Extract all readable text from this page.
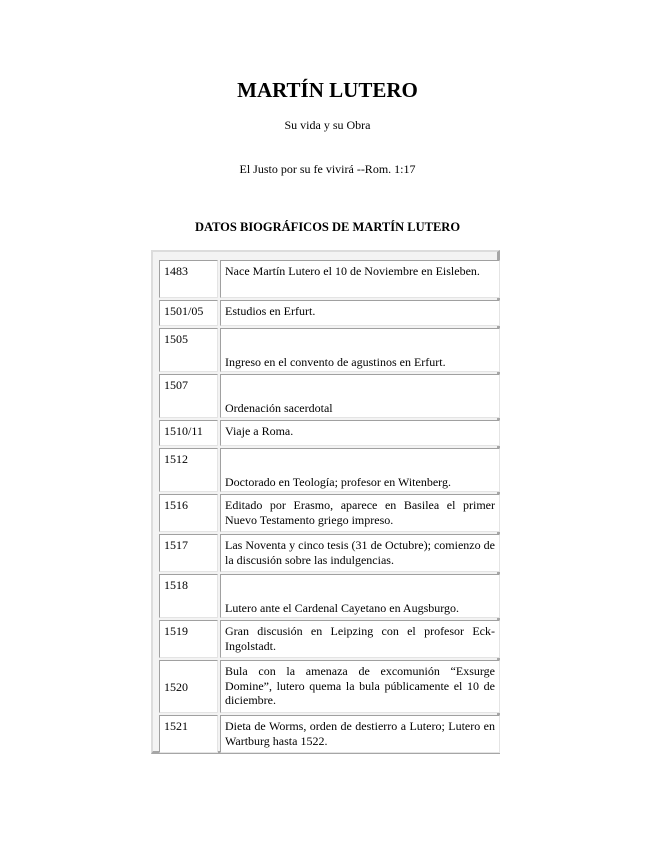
MARTÍN LUTERO
Su vida y su Obra
El Justo por su fe vivirá --Rom. 1:17
DATOS BIOGRÁFICOS DE MARTÍN LUTERO
1483	Nace Martín Lutero el 10 de Noviembre en Eisleben.
1501/05	Estudios en Erfurt.
1505	Ingreso en el convento de agustinos en Erfurt.
1507	Ordenación sacerdotal
1510/11	Viaje a Roma.
1512	Doctorado en Teología; profesor en Witenberg.
1516	Editado por Erasmo, aparece en Basilea el primer Nuevo Testamento griego impreso.
1517	Las Noventa y cinco tesis (31 de Octubre); comienzo de la discusión sobre las indulgencias.
1518	Lutero ante el Cardenal Cayetano en Augsburgo.
1519	Gran discusión en Leipzing con el profesor Eck-Ingolstadt.
1520	Bula con la amenaza de excomunión “Exsurge Domine”, lutero quema la bula públicamente el 10 de diciembre.
1521	Dieta de Worms, orden de destierro a Lutero; Lutero en Wartburg hasta 1522.
